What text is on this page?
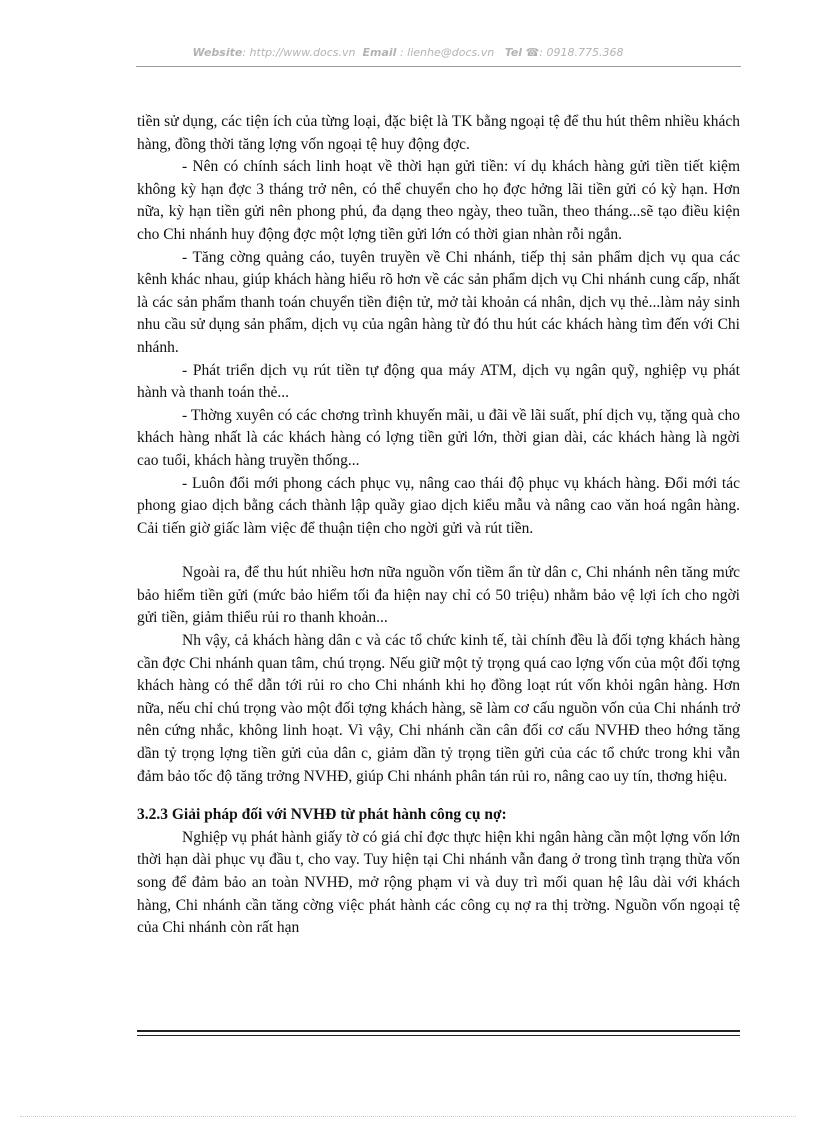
Website: http://www.docs.vn Email : lienhe@docs.vn Tel ☎: 0918.775.368

tiền sử dụng, các tiện ích của từng loại, đặc biệt là TK bằng ngoại tệ để thu hút thêm nhiều khách hàng, đồng thời tăng lợng vốn ngoại tệ huy động đợc.

- Nên có chính sách linh hoạt về thời hạn gửi tiền: ví dụ khách hàng gửi tiền tiết kiệm không kỳ hạn đợc 3 tháng trở nên, có thể chuyển cho họ đợc hởng lãi tiền gửi có kỳ hạn. Hơn nữa, kỳ hạn tiền gửi nên phong phú, đa dạng theo ngày, theo tuần, theo tháng...sẽ tạo điều kiện cho Chi nhánh huy động đợc một lợng tiền gửi lớn có thời gian nhàn rỗi ngắn.

- Tăng cờng quảng cáo, tuyên truyền về Chi nhánh, tiếp thị sản phẩm dịch vụ qua các kênh khác nhau, giúp khách hàng hiểu rõ hơn về các sản phẩm dịch vụ Chi nhánh cung cấp, nhất là các sản phẩm thanh toán chuyển tiền điện tử, mở tài khoản cá nhân, dịch vụ thẻ...làm nảy sinh nhu cầu sử dụng sản phẩm, dịch vụ của ngân hàng từ đó thu hút các khách hàng tìm đến với Chi nhánh.

- Phát triển dịch vụ rút tiền tự động qua máy ATM, dịch vụ ngân quỹ, nghiệp vụ phát hành và thanh toán thẻ...

- Thờng xuyên có các chơng trình khuyến mãi, u đãi về lãi suất, phí dịch vụ, tặng quà cho khách hàng nhất là các khách hàng có lợng tiền gửi lớn, thời gian dài, các khách hàng là ngời cao tuổi, khách hàng truyền thống...

- Luôn đổi mới phong cách phục vụ, nâng cao thái độ phục vụ khách hàng. Đổi mới tác phong giao dịch bằng cách thành lập quầy giao dịch kiểu mẫu và nâng cao văn hoá ngân hàng. Cải tiến giờ giấc làm việc để thuận tiện cho ngời gửi và rút tiền.

Ngoài ra, để thu hút nhiều hơn nữa nguồn vốn tiềm ẩn từ dân c, Chi nhánh nên tăng mức bảo hiểm tiền gửi (mức bảo hiểm tối đa hiện nay chỉ có 50 triệu) nhằm bảo vệ lợi ích cho ngời gửi tiền, giảm thiểu rủi ro thanh khoản...

Nh vậy, cả khách hàng dân c và các tổ chức kinh tế, tài chính đều là đối tợng khách hàng cần đợc Chi nhánh quan tâm, chú trọng. Nếu giữ một tỷ trọng quá cao lợng vốn của một đối tợng khách hàng có thể dẫn tới rủi ro cho Chi nhánh khi họ đồng loạt rút vốn khỏi ngân hàng. Hơn nữa, nếu chỉ chú trọng vào một đối tợng khách hàng, sẽ làm cơ cấu nguồn vốn của Chi nhánh trở nên cứng nhắc, không linh hoạt. Vì vậy, Chi nhánh cần cân đối cơ cấu NVHĐ theo hớng tăng dần tỷ trọng lợng tiền gửi của dân c, giảm dần tỷ trọng tiền gửi của các tổ chức trong khi vẫn đảm bảo tốc độ tăng trởng NVHĐ, giúp Chi nhánh phân tán rủi ro, nâng cao uy tín, thơng hiệu.

3.2.3 Giải pháp đối với NVHĐ từ phát hành công cụ nợ:

Nghiệp vụ phát hành giấy tờ có giá chỉ đợc thực hiện khi ngân hàng cần một lợng vốn lớn thời hạn dài phục vụ đầu t, cho vay. Tuy hiện tại Chi nhánh vẫn đang ở trong tình trạng thừa vốn song để đảm bảo an toàn NVHĐ, mở rộng phạm vi và duy trì mối quan hệ lâu dài với khách hàng, Chi nhánh cần tăng cờng việc phát hành các công cụ nợ ra thị trờng. Nguồn vốn ngoại tệ của Chi nhánh còn rất hạn
